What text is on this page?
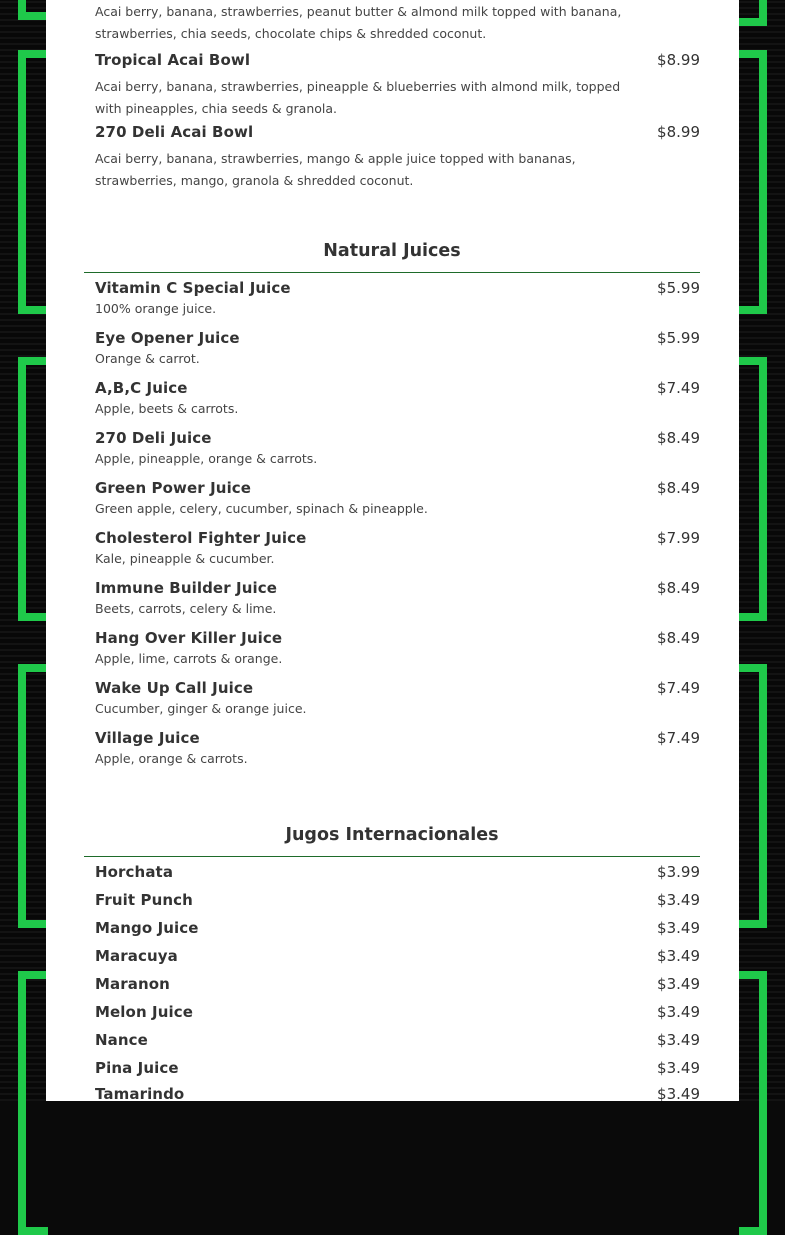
Acai berry, banana, strawberries, peanut butter & almond milk topped with banana, strawberries, chia seeds, chocolate chips & shredded coconut.
Tropical Acai Bowl	$8.99
Acai berry, banana, strawberries, pineapple & blueberries with almond milk, topped with pineapples, chia seeds & granola.
270 Deli Acai Bowl	$8.99
Acai berry, banana, strawberries, mango & apple juice topped with bananas, strawberries, mango, granola & shredded coconut.
Natural Juices
Vitamin C Special Juice	$5.99
100% orange juice.
Eye Opener Juice	$5.99
Orange & carrot.
A,B,C Juice	$7.49
Apple, beets & carrots.
270 Deli Juice	$8.49
Apple, pineapple, orange & carrots.
Green Power Juice	$8.49
Green apple, celery, cucumber, spinach & pineapple.
Cholesterol Fighter Juice	$7.99
Kale, pineapple & cucumber.
Immune Builder Juice	$8.49
Beets, carrots, celery & lime.
Hang Over Killer Juice	$8.49
Apple, lime, carrots & orange.
Wake Up Call Juice	$7.49
Cucumber, ginger & orange juice.
Village Juice	$7.49
Apple, orange & carrots.
Jugos Internacionales
Horchata	$3.99
Fruit Punch	$3.49
Mango Juice	$3.49
Maracuya	$3.49
Maranon	$3.49
Melon Juice	$3.49
Nance	$3.49
Pina Juice	$3.49
Tamarindo	$3.49
